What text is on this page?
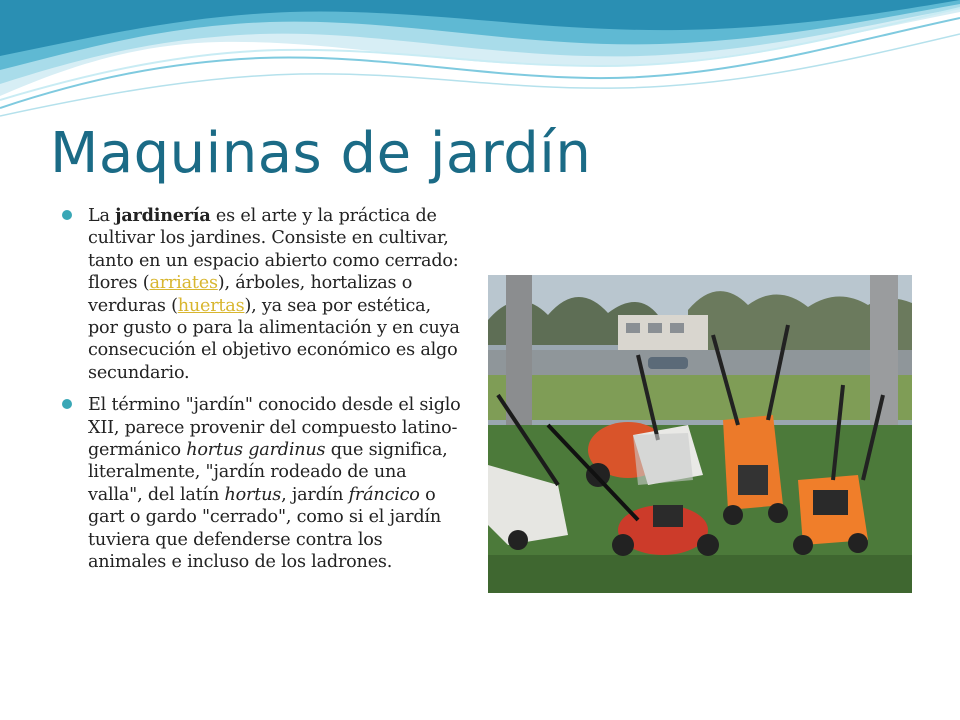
Maquinas de jardín
La jardinería es el arte y la práctica de cultivar los jardines. Consiste en cultivar, tanto en un espacio abierto como cerrado: flores (arriates), árboles, hortalizas o verduras (huertas), ya sea por estética, por gusto o para la alimentación y en cuya consecución el objetivo económico es algo secundario.
El término "jardín" conocido desde el siglo XII, parece provenir del compuesto latino-germánico hortus gardinus que significa, literalmente, "jardín rodeado de una valla", del latín hortus, jardín fráncico o gart o gardo "cerrado", como si el jardín tuviera que defenderse contra los animales e incluso de los ladrones.
